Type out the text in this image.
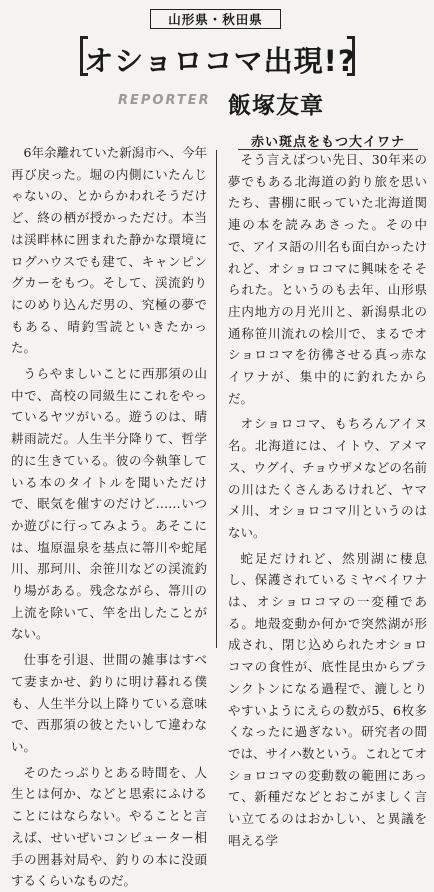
山形県・秋田県
オショロコマ出現!?
REPORTER 飯塚友章

6年余離れていた新潟市へ、今年再び戻った。堀の内側にいたんじゃないの、とからかわれそうだけど、終の栖が授かっただけ。本当は渓畔林に囲まれた静かな環境にログハウスでも建て、キャンピングカーをもつ。そして、渓流釣りにのめり込んだ男の、究極の夢でもある、晴釣雪読といきたかった。

うらやましいことに西那須の山中で、高校の同級生にこれをやっているヤツがいる。遊うのは、晴耕雨読だ。人生半分降りて、哲学的に生きている。彼の今執筆している本のタイトルを聞いただけで、眠気を催すのだけど……いつか遊びに行ってみよう。あそこには、塩原温泉を基点に箒川や蛇尾川、那珂川、余笹川などの渓流釣り場がある。残念ながら、箒川の上流を除いて、竿を出したことがない。

仕事を引退、世間の雑事はすべて妻まかせ、釣りに明け暮れる僕も、人生半分以上降りている意味で、西那須の彼とたいして違わない。

そのたっぷりとある時間を、人生とは何か、などと思索にふけることにはならない。やることと言えば、せいぜいコンピューター相手の囲碁対局や、釣りの本に没頭するくらいなものだ。

赤い斑点をもつ大イワナ

そう言えばつい先日、30年来の夢でもある北海道の釣り旅を思いたち、書棚に眠っていた北海道関連の本を読みあさった。その中で、アイヌ語の川名も面白かったけれど、オショロコマに興味をそそられた。というのも去年、山形県庄内地方の月光川と、新潟県北の通称笹川流れの桧川で、まるでオショロコマを彷彿させる真っ赤なイワナが、集中的に釣れたからだ。

オショロコマ、もちろんアイヌ名。北海道には、イトウ、アメマス、ウグイ、チョウザメなどの名前の川はたくさんあるけれど、ヤマメ川、オショロコマ川というのはない。

蛇足だけれど、然別湖に棲息し、保護されているミヤベイワナは、オショロコマの一変種である。地殻変動か何かで突然湖が形成され、閉じ込められたオショロコマの食性が、底性昆虫からプランクトンになる過程で、漉しとりやすいようにえらの数が5、6枚多くなったに過ぎない。研究者の間では、サイハ数という。これとてオショロコマの変動数の範囲にあって、新種だなどとおこがましく言い立てるのはおかしい、と異議を唱える学
